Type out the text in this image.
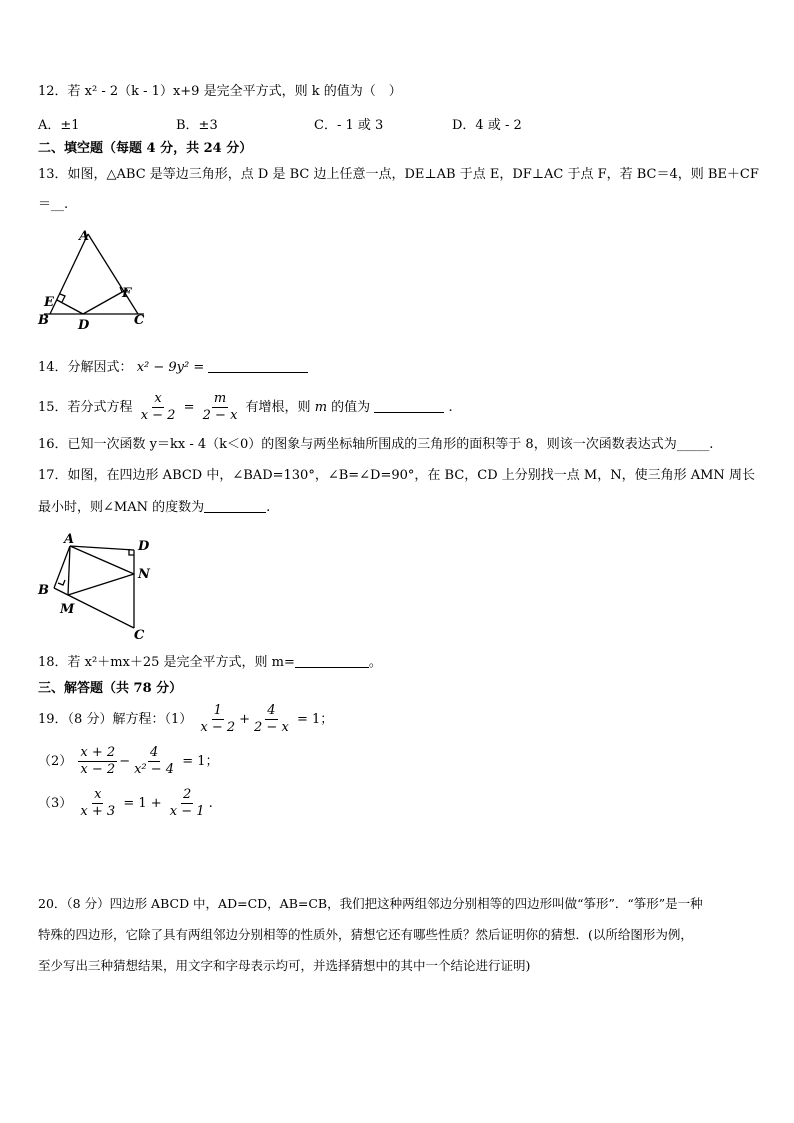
12．若 x² - 2（k - 1）x+9 是完全平方式，则 k 的值为（　）
A．±1	B．±3	C．- 1 或 3	D．4 或 - 2
二、填空题（每题 4 分，共 24 分）
13．如图，△ABC 是等边三角形，点 D 是 BC 边上任意一点，DE⊥AB 于点 E，DF⊥AC 于点 F，若 BC＝4，则 BE＋CF
＝__.
A
E
F
B D	C
14．分解因式： x² − 9y² =
15．若分式方程 $\frac{x}{x - 2} = \frac{m}{2 - x}$ 有增根，则 m 的值为	.
16．已知一次函数 y＝kx - 4（k＜0）的图象与两坐标轴所围成的三角形的面积等于 8，则该一次函数表达式为_____.
17．如图，在四边形 ABCD 中，∠BAD=130°，∠B=∠D=90°，在 BC，CD 上分别找一点 M，N，使三角形 AMN 周长
最小时，则∠MAN 的度数为	.
A	D
N
B
M
C
18．若 x²＋mx＋25 是完全平方式，则 m=	。
三、解答题（共 78 分）
19．（8 分）解方程：$(1) \frac{1}{x - 2} + \frac{4}{2 - x} = 1$；
$(2) \frac{x + 2}{x - 2} - \frac{4}{\text{x² − 4}} = 1$；
$(3) \frac{x}{x + 3} = 1 + \frac{2}{x - 1}$ .
20．（8 分）四边形 ABCD 中，AD=CD，AB=CB，我们把这种两组邻边分别相等的四边形叫做“筝形”．“筝形”是一种
特殊的四边形，它除了具有两组邻边分别相等的性质外，猜想它还有哪些性质？然后证明你的猜想．(以所给图形为例，
至少写出三种猜想结果，用文字和字母表示均可，并选择猜想中的其中一个结论进行证明)
